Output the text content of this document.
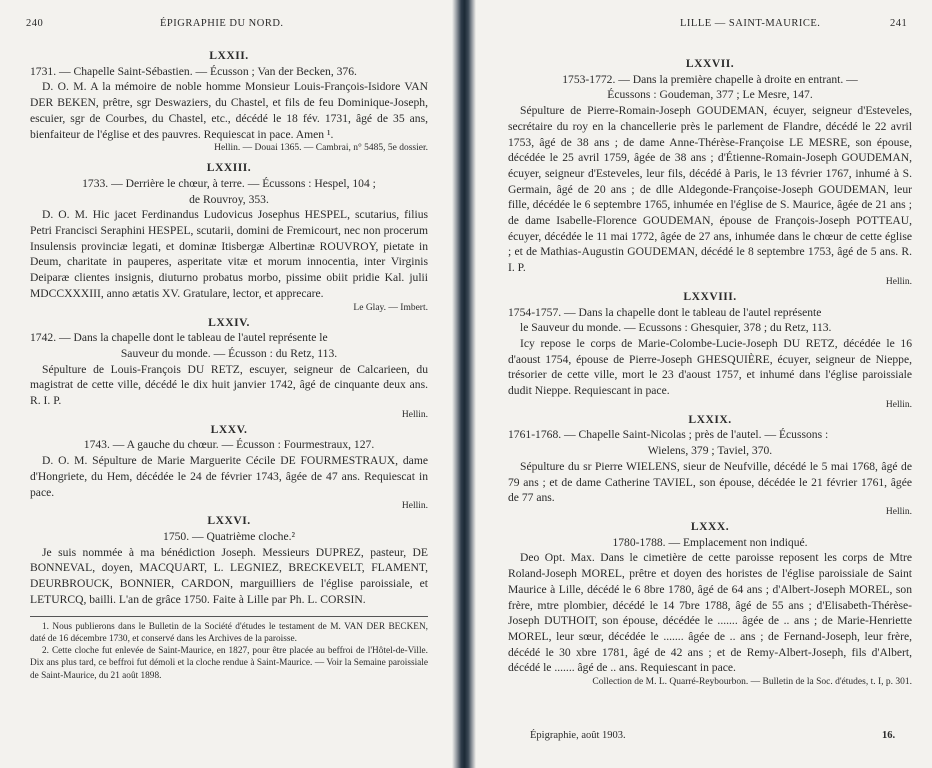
240	ÉPIGRAPHIE DU NORD.

LXXII.

1731. — Chapelle Saint-Sébastien. — Écusson ; Van der Becken, 376.

D. O. M. A la mémoire de noble homme Monsieur Louis-François-Isidore VAN DER BEKEN, prêtre, sgr Deswaziers, du Chastel, et fils de feu Dominique-Joseph, escuier, sgr de Courbes, du Chastel, etc., décédé le 18 fév. 1731, âgé de 35 ans, bienfaiteur de l'église et des pauvres. Requiescat in pace. Amen ¹.

Hellin. — Douai 1365. — Cambrai, n° 5485, 5e dossier.

LXXIII.

1733. — Derrière le chœur, à terre. — Écussons : Hespel, 104 ;

de Rouvroy, 353.

D. O. M. Hic jacet Ferdinandus Ludovicus Josephus HESPEL, scutarius, filius Petri Francisci Seraphini HESPEL, scutarii, domini de Fremicourt, nec non procerum Insulensis provinciæ legati, et dominæ Itisbergæ Albertinæ ROUVROY, pietate in Deum, charitate in pauperes, asperitate vitæ et morum innocentia, inter Virginis Deiparæ clientes insignis, diuturno probatus morbo, pissime obiit pridie Kal. julii MDCCXXXIII, anno ætatis XV. Gratulare, lector, et apprecare.

Le Glay. — Imbert.

LXXIV.

1742. — Dans la chapelle dont le tableau de l'autel représente le

Sauveur du monde. — Écusson : du Retz, 113.

Sépulture de Louis-François DU RETZ, escuyer, seigneur de Calcarieen, du magistrat de cette ville, décédé le dix huit janvier 1742, âgé de cinquante deux ans. R. I. P.

Hellin.

LXXV.

1743. — A gauche du chœur. — Écusson : Fourmestraux, 127.

D. O. M. Sépulture de Marie Marguerite Cécile DE FOURMESTRAUX, dame d'Hongriete, du Hem, décédée le 24 de février 1743, âgée de 47 ans. Requiescat in pace.

Hellin.

LXXVI.

1750. — Quatrième cloche.²

Je suis nommée à ma bénédiction Joseph. Messieurs DUPREZ, pasteur, DE BONNEVAL, doyen, MACQUART, L. LEGNIEZ, BRECKEVELT, FLAMENT, DEURBROUCK, BONNIER, CARDON, marguilliers de l'église paroissiale, et LETURCQ, bailli. L'an de grâce 1750. Faite à Lille par Ph. L. CORSIN.

1. Nous publierons dans le Bulletin de la Société d'études le testament de M. VAN DER BECKEN, daté de 16 décembre 1730, et conservé dans les Archives de la paroisse.

2. Cette cloche fut enlevée de Saint-Maurice, en 1827, pour être placée au beffroi de l'Hôtel-de-Ville. Dix ans plus tard, ce beffroi fut démoli et la cloche rendue à Saint-Maurice. — Voir la Semaine paroissiale de Saint-Maurice, du 21 août 1898.

LILLE — SAINT-MAURICE.	241

LXXVII.

1753-1772. — Dans la première chapelle à droite en entrant. —

Écussons : Goudeman, 377 ; Le Mesre, 147.

Sépulture de Pierre-Romain-Joseph GOUDEMAN, écuyer, seigneur d'Esteveles, secrétaire du roy en la chancellerie près le parlement de Flandre, décédé le 22 avril 1753, âgé de 38 ans ; de dame Anne-Thérèse-Françoise LE MESRE, son épouse, décédée le 25 avril 1759, âgée de 38 ans ; d'Étienne-Romain-Joseph GOUDEMAN, écuyer, seigneur d'Esteveles, leur fils, décédé à Paris, le 13 février 1767, inhumé à S. Germain, âgé de 20 ans ; de dlle Aldegonde-Françoise-Joseph GOUDEMAN, leur fille, décédée le 6 septembre 1765, inhumée en l'église de S. Maurice, âgée de 21 ans ; de dame Isabelle-Florence GOUDEMAN, épouse de François-Joseph POTTEAU, écuyer, décédée le 11 mai 1772, âgée de 27 ans, inhumée dans le chœur de cette église ; et de Mathias-Augustin GOUDEMAN, décédé le 8 septembre 1753, âgé de 5 ans. R. I. P.

Hellin.

LXXVIII.

1754-1757. — Dans la chapelle dont le tableau de l'autel représente

le Sauveur du monde. — Ecussons : Ghesquier, 378 ; du Retz, 113.

Icy repose le corps de Marie-Colombe-Lucie-Joseph DU RETZ, décédée le 16 d'aoust 1754, épouse de Pierre-Joseph GHESQUIÈRE, écuyer, seigneur de Nieppe, trésorier de cette ville, mort le 23 d'aoust 1757, et inhumé dans l'église paroissiale dudit Nieppe. Requiescant in pace.

Hellin.

LXXIX.

1761-1768. — Chapelle Saint-Nicolas ; près de l'autel. — Écussons :

Wielens, 379 ; Taviel, 370.

Sépulture du sr Pierre WIELENS, sieur de Neufville, décédé le 5 mai 1768, âgé de 79 ans ; et de dame Catherine TAVIEL, son épouse, décédée le 21 février 1761, âgée de 77 ans.

Hellin.

LXXX.

1780-1788. — Emplacement non indiqué.

Deo Opt. Max. Dans le cimetière de cette paroisse reposent les corps de Mtre Roland-Joseph MOREL, prêtre et doyen des horistes de l'église paroissiale de Saint Maurice à Lille, décédé le 6 8bre 1780, âgé de 64 ans ; d'Albert-Joseph MOREL, son frère, mtre plombier, décédé le 14 7bre 1788, âgé de 55 ans ; d'Elisabeth-Thérèse-Joseph DUTHOIT, son épouse, décédée le ....... âgée de .. ans ; de Marie-Henriette MOREL, leur sœur, décédée le ....... âgée de .. ans ; de Fernand-Joseph, leur frère, décédé le 30 xbre 1781, âgé de 42 ans ; et de Remy-Albert-Joseph, fils d'Albert, décédé le ....... âgé de .. ans. Requiescant in pace.

Collection de M. L. Quarré-Reybourbon. — Bulletin de la Soc. d'études, t. I, p. 301.

Épigraphie, août 1903.	16.
